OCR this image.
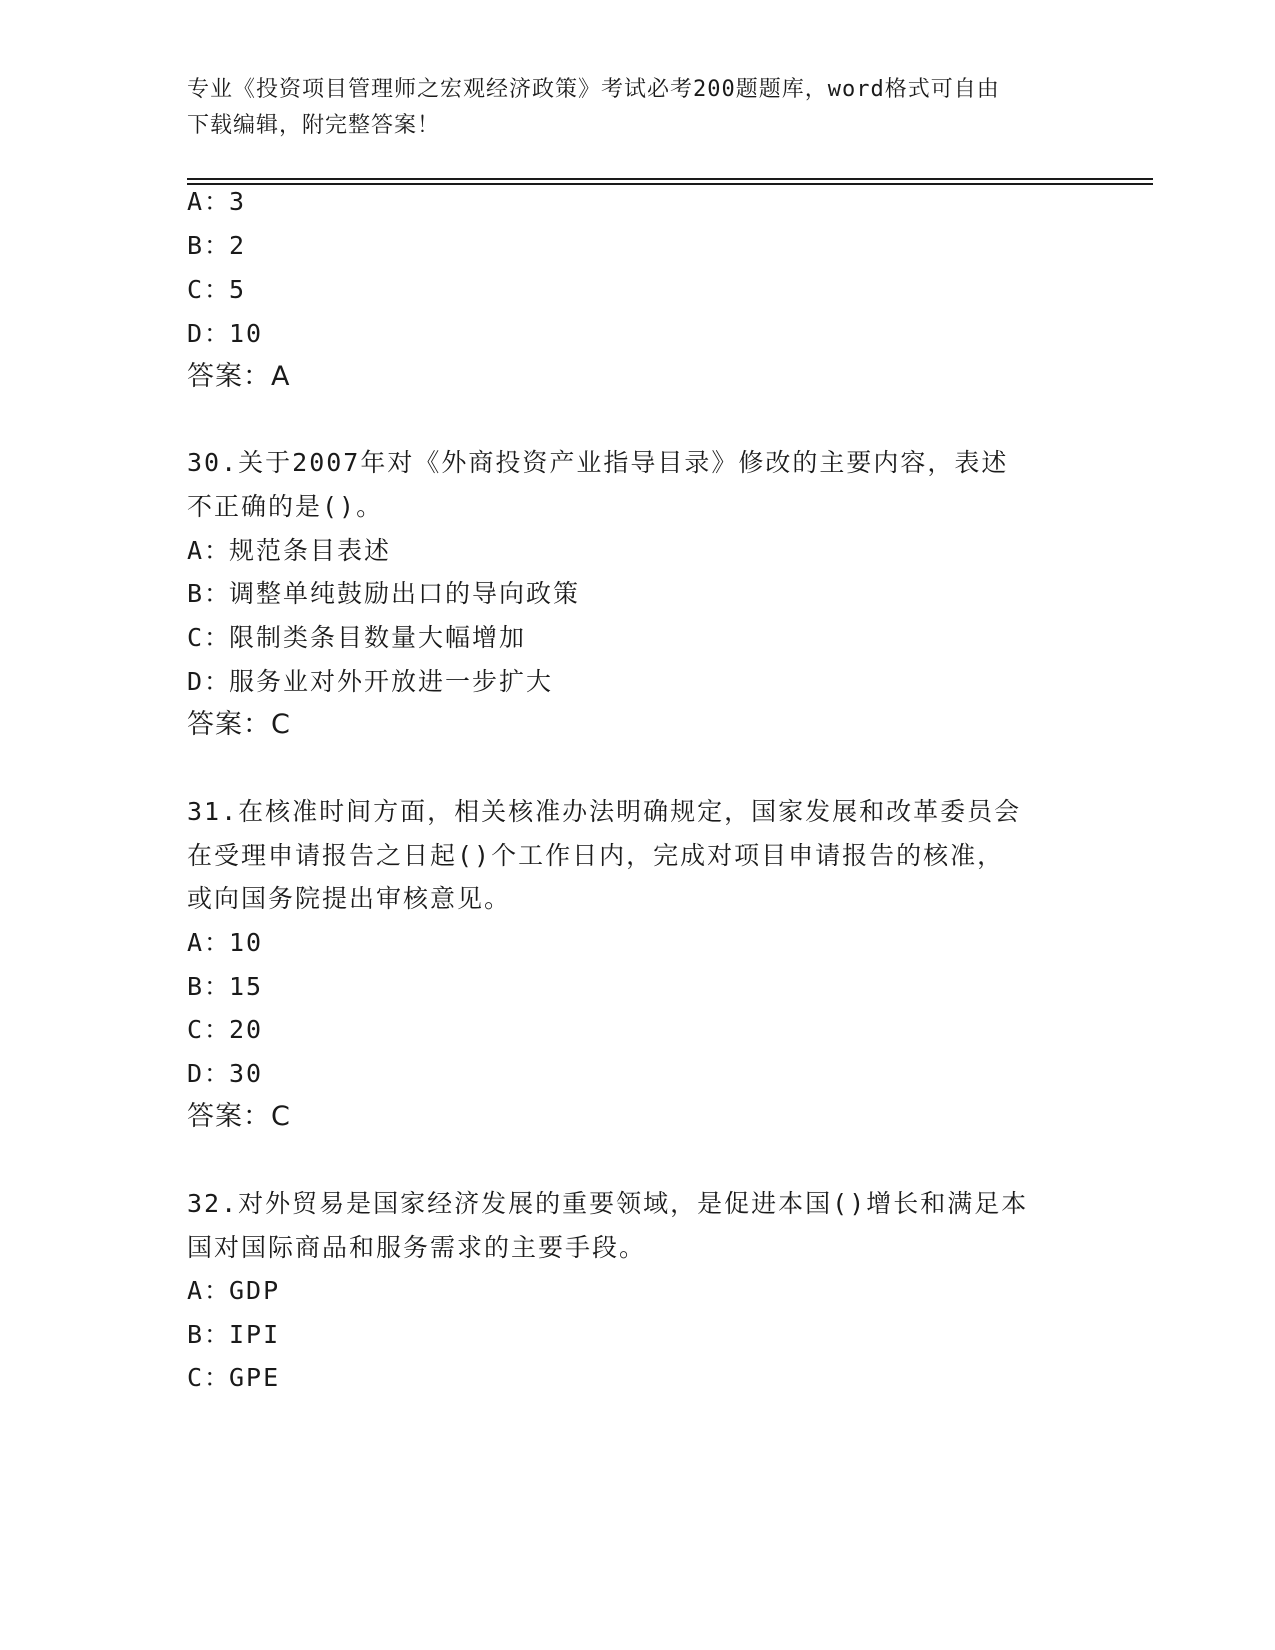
专业《投资项目管理师之宏观经济政策》考试必考200题题库，word格式可自由
下载编辑，附完整答案！
A：3
B：2
C：5
D：10
答案：A
30.关于2007年对《外商投资产业指导目录》修改的主要内容，表述
不正确的是()。
A：规范条目表述
B：调整单纯鼓励出口的导向政策
C：限制类条目数量大幅增加
D：服务业对外开放进一步扩大
答案：C
31.在核准时间方面，相关核准办法明确规定，国家发展和改革委员会
在受理申请报告之日起()个工作日内，完成对项目申请报告的核准，
或向国务院提出审核意见。
A：10
B：15
C：20
D：30
答案：C
32.对外贸易是国家经济发展的重要领域，是促进本国()增长和满足本
国对国际商品和服务需求的主要手段。
A：GDP
B：IPI
C：GPE
